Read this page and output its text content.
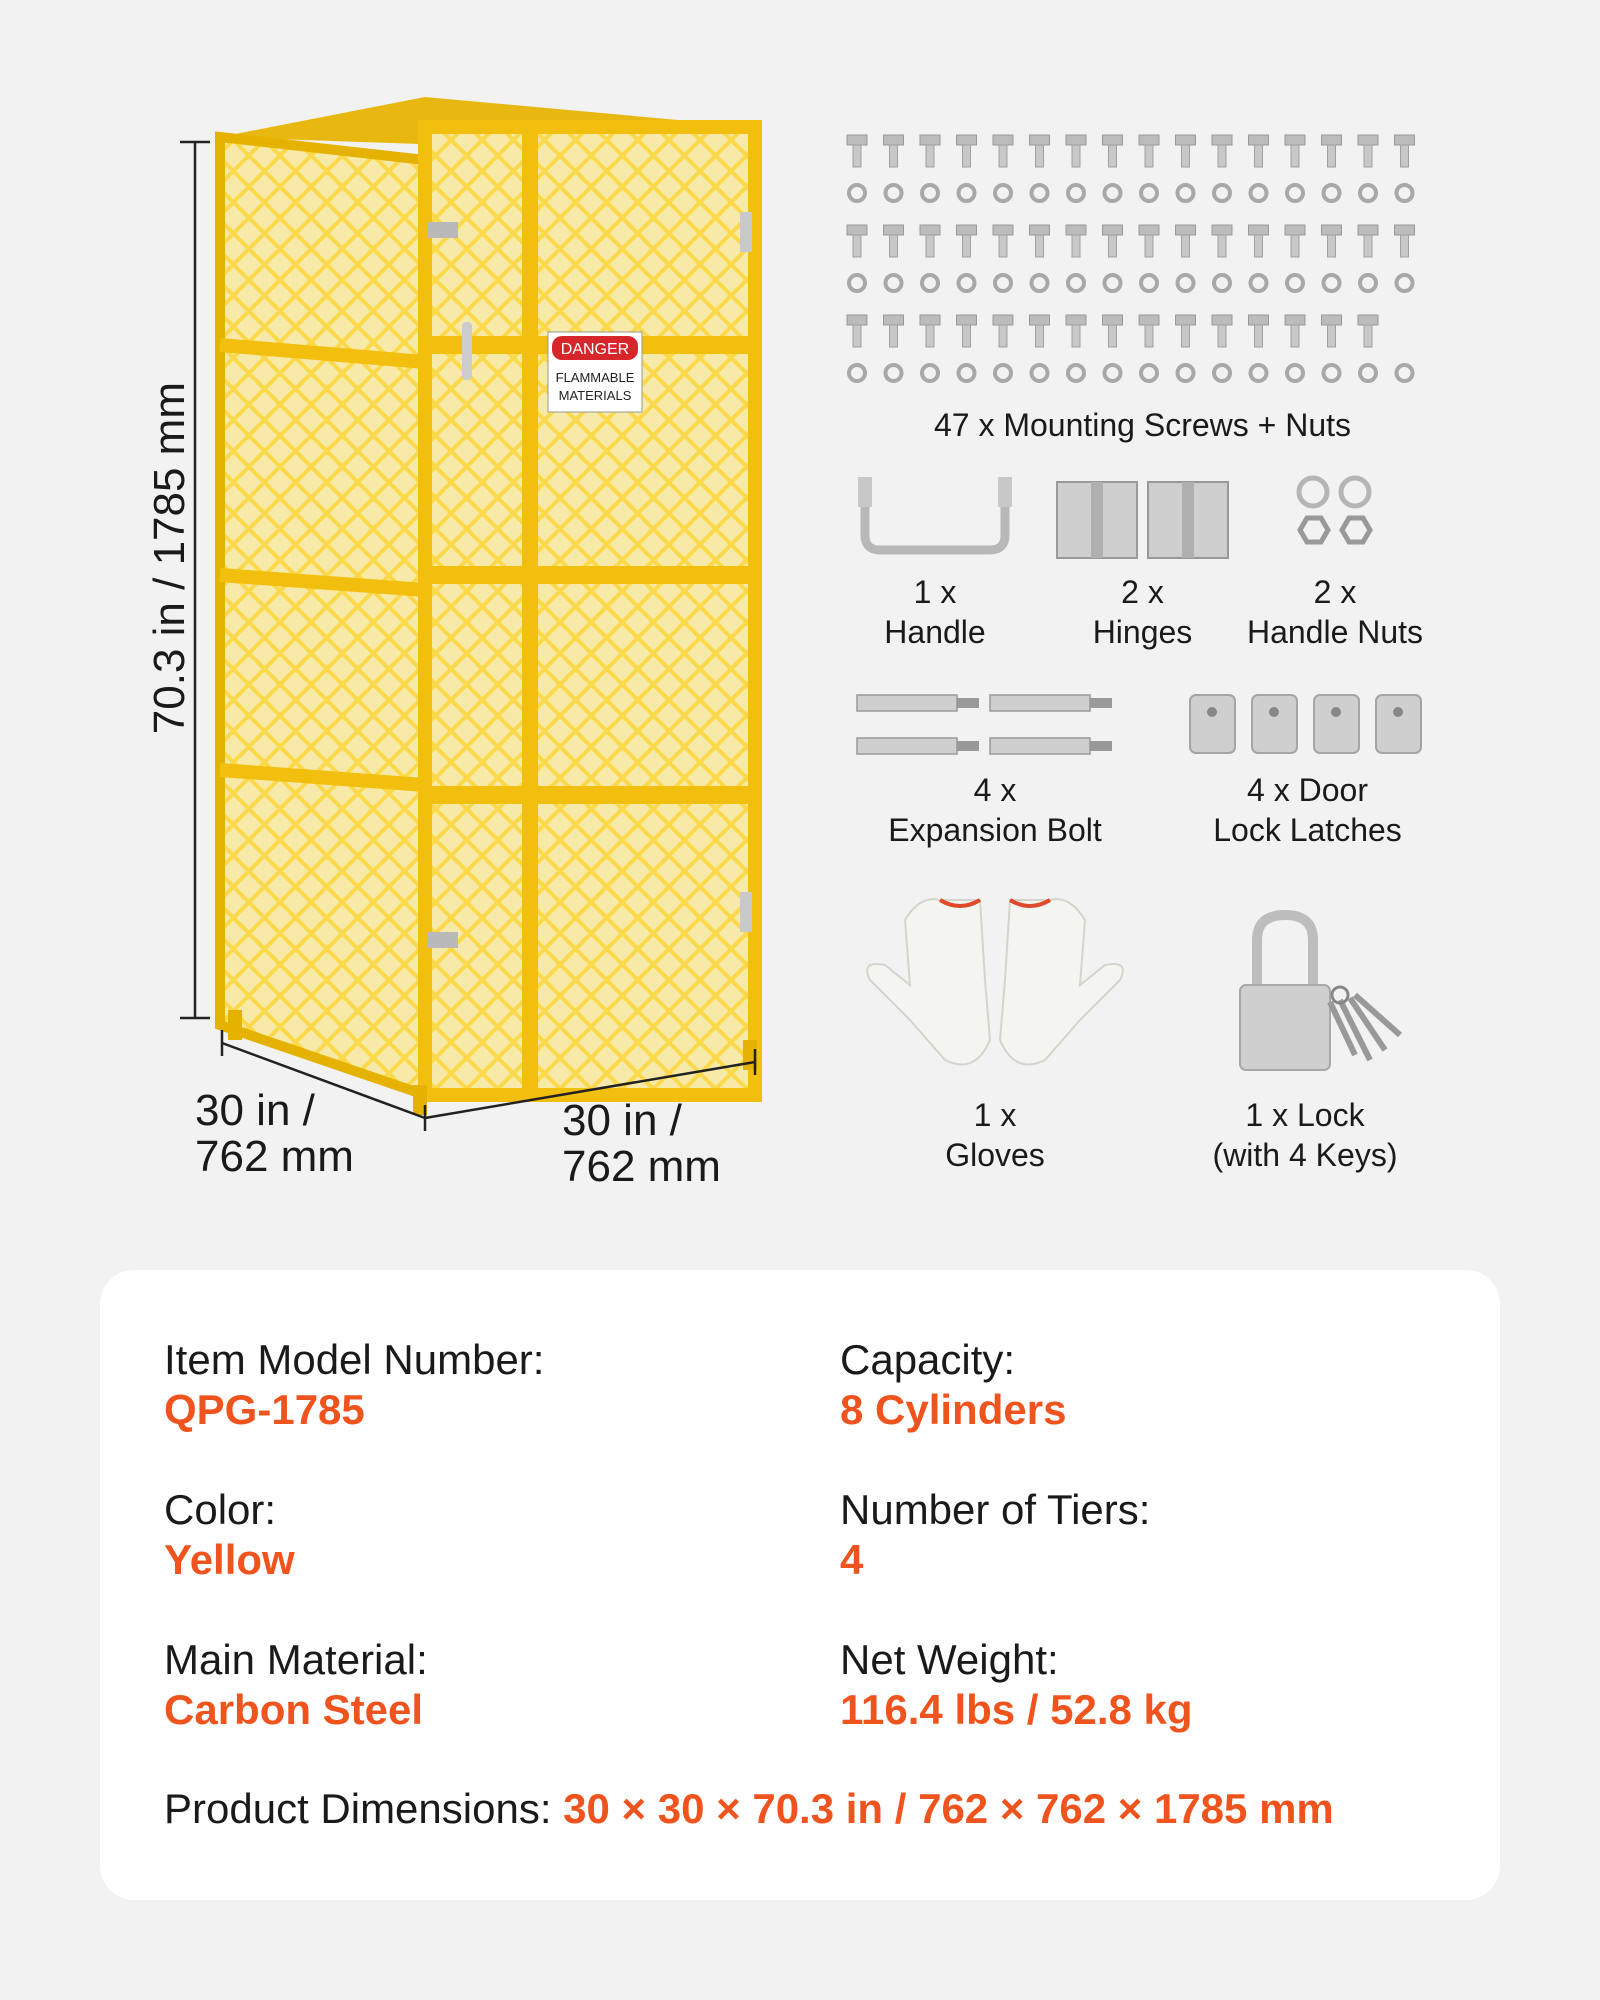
DANGER
FLAMMABLE
MATERIALS
70.3 in / 1785 mm
30 in /
762 mm
30 in /
762 mm
47 x Mounting Screws + Nuts
1 x
Handle
2 x
Hinges
2 x
Handle Nuts
4 x
Expansion Bolt
4 x Door
Lock Latches
1 x
Gloves
1 x Lock
(with 4 Keys)
Item Model Number:
QPG-1785
Capacity:
8 Cylinders
Color:
Yellow
Number of Tiers:
4
Main Material:
Carbon Steel
Net Weight:
116.4 lbs / 52.8 kg
Product Dimensions: 30 × 30 × 70.3 in / 762 × 762 × 1785 mm
